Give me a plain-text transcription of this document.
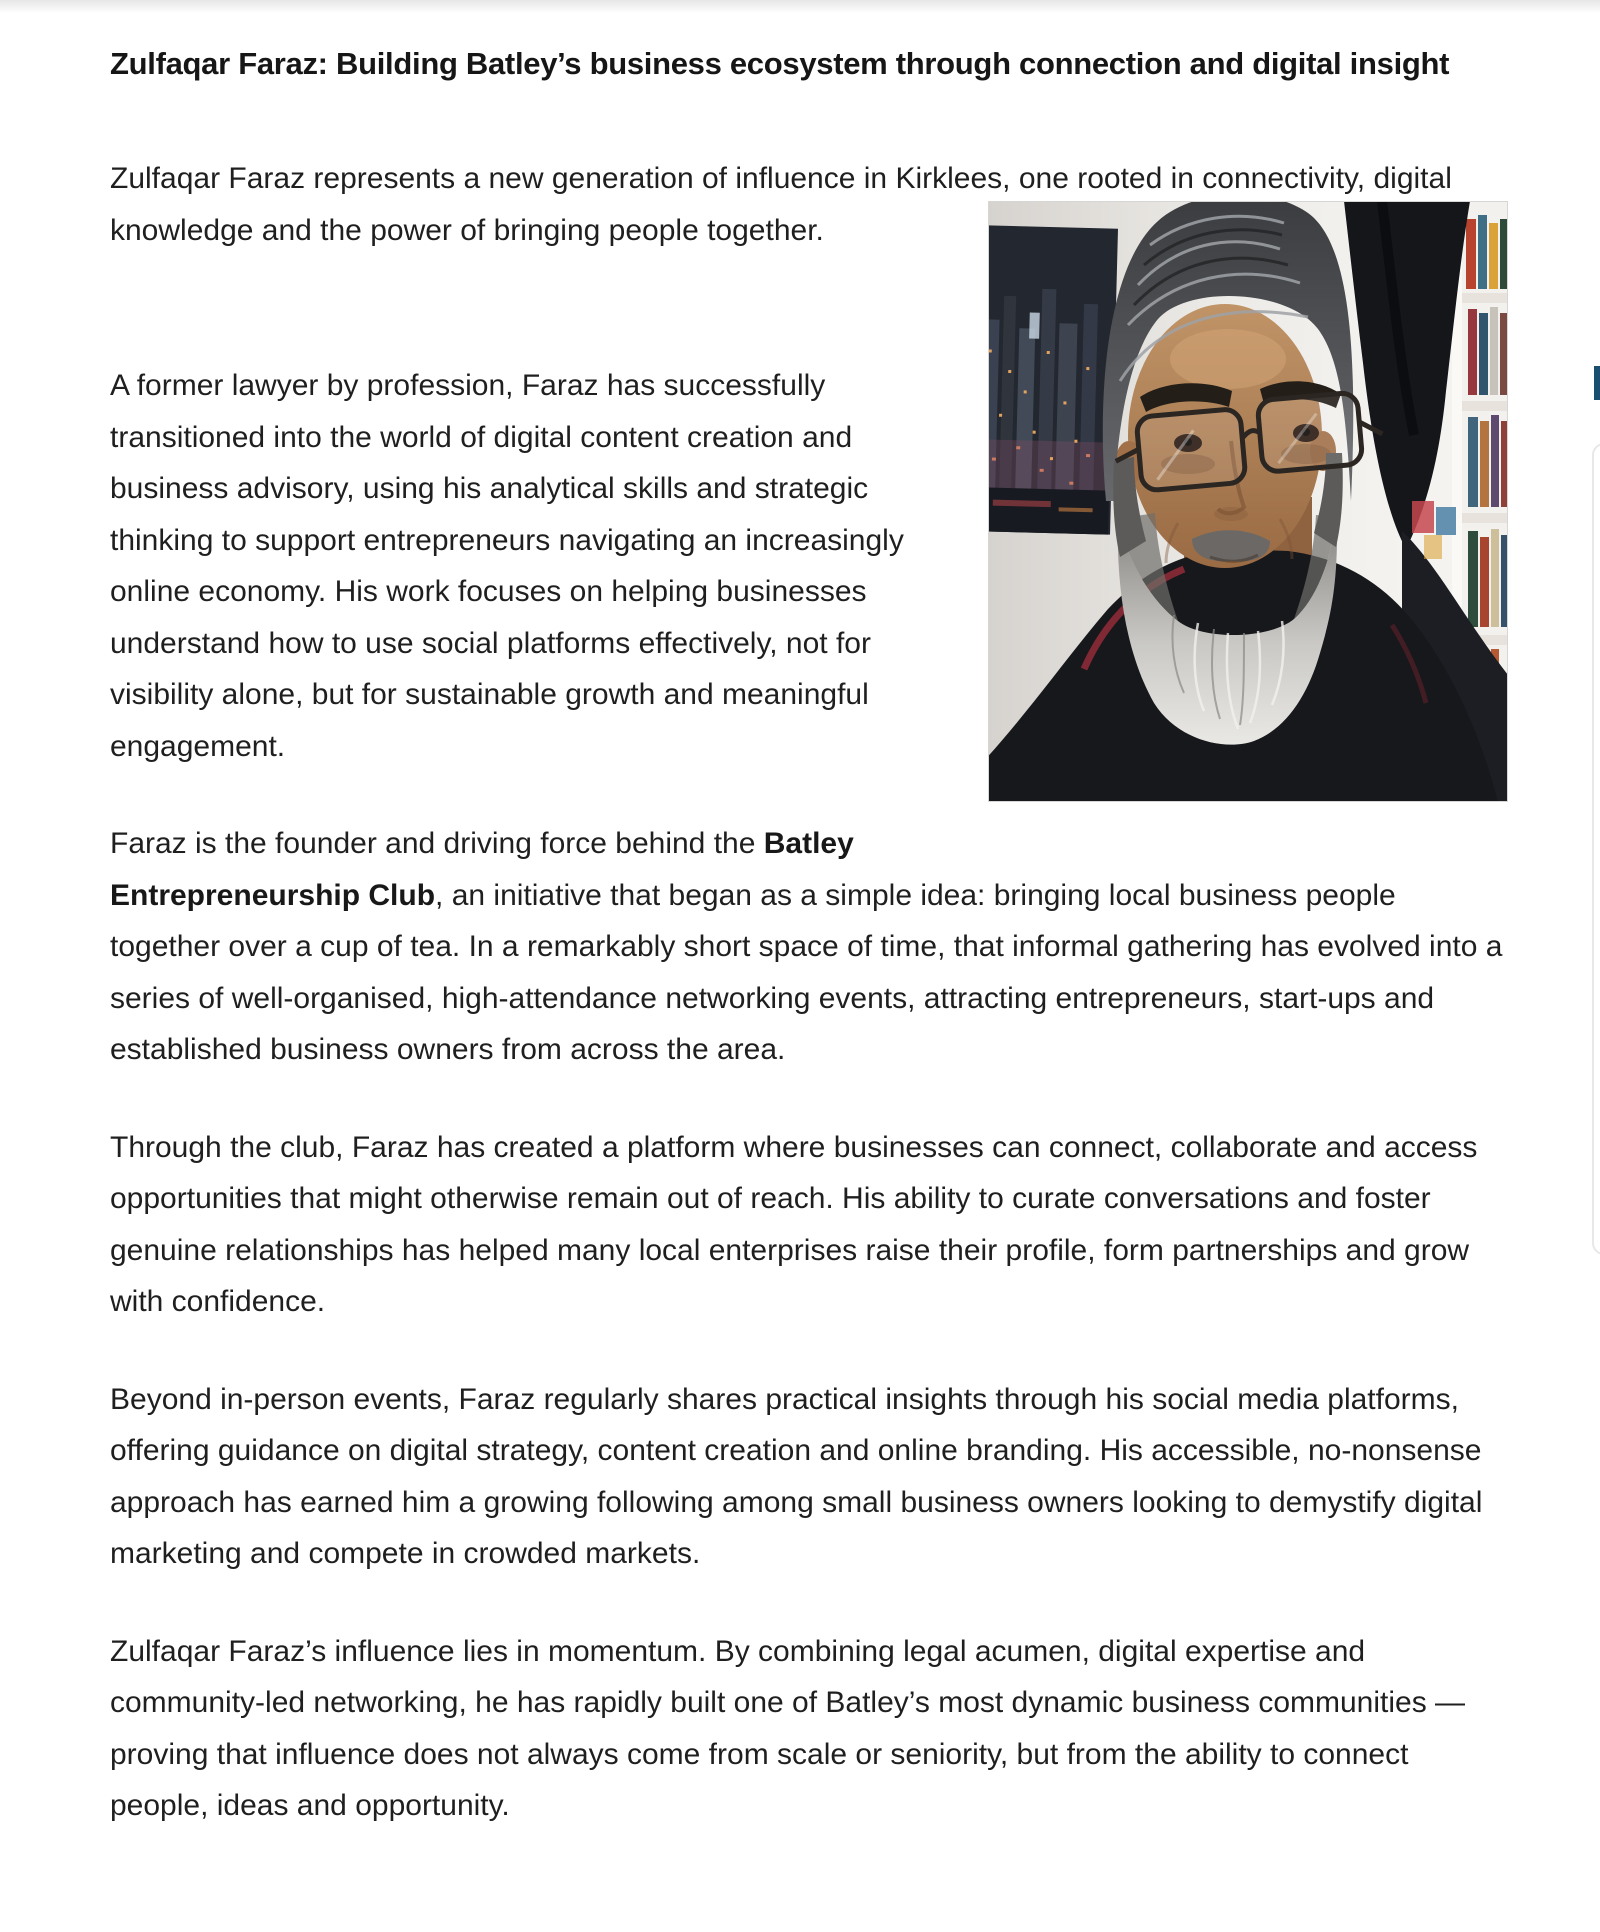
Zulfaqar Faraz: Building Batley’s business ecosystem through connection and digital insight

Zulfaqar Faraz represents a new generation of influence in Kirklees, one rooted in connectivity, digital knowledge and the power of bringing people together.

A former lawyer by profession, Faraz has successfully transitioned into the world of digital content creation and business advisory, using his analytical skills and strategic thinking to support entrepreneurs navigating an increasingly online economy. His work focuses on helping businesses understand how to use social platforms effectively, not for visibility alone, but for sustainable growth and meaningful engagement.

Faraz is the founder and driving force behind the Batley Entrepreneurship Club, an initiative that began as a simple idea: bringing local business people together over a cup of tea. In a remarkably short space of time, that informal gathering has evolved into a series of well-organised, high-attendance networking events, attracting entrepreneurs, start-ups and established business owners from across the area.

Through the club, Faraz has created a platform where businesses can connect, collaborate and access opportunities that might otherwise remain out of reach. His ability to curate conversations and foster genuine relationships has helped many local enterprises raise their profile, form partnerships and grow with confidence.

Beyond in-person events, Faraz regularly shares practical insights through his social media platforms, offering guidance on digital strategy, content creation and online branding. His accessible, no-nonsense approach has earned him a growing following among small business owners looking to demystify digital marketing and compete in crowded markets.

Zulfaqar Faraz’s influence lies in momentum. By combining legal acumen, digital expertise and community-led networking, he has rapidly built one of Batley’s most dynamic business communities — proving that influence does not always come from scale or seniority, but from the ability to connect people, ideas and opportunity.
